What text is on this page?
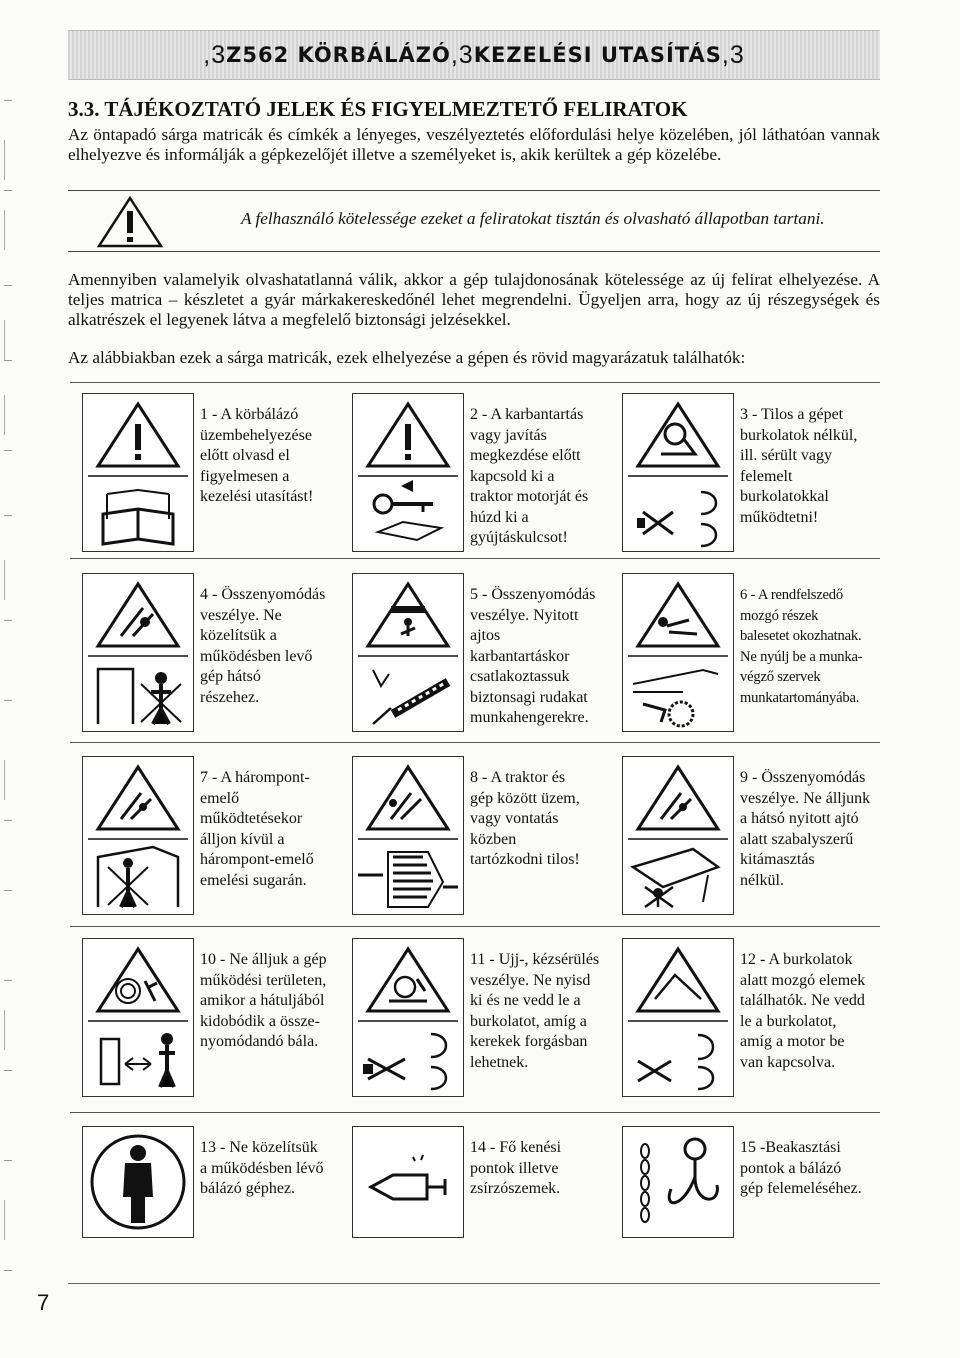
,3 Z562 KÖRBÁLÁZÓ ,3 KEZELÉSI UTASÍTÁS ,3
3.3. TÁJÉKOZTATÓ JELEK ÉS FIGYELMEZTETŐ FELIRATOK
Az öntapadó sárga matricák és címkék a lényeges, veszélyeztetés előfordulási helye közelében, jól láthatóan vannak elhelyezve és informálják a gépkezelőjét illetve a személyeket is, akik kerültek a gép közelébe.
A felhasználó kötelessége ezeket a feliratokat tisztán és olvasható állapotban tartani.
Amennyiben valamelyik olvashatatlanná válik, akkor a gép tulajdonosának kötelessége az új felirat elhelyezése. A teljes matrica – készletet a gyár márkakereskedőnél lehet megrendelni. Ügyeljen arra, hogy az új részegységek és alkatrészek el legyenek látva a megfelelő biztonsági jelzésekkel.
Az alábbiakban ezek a sárga matricák, ezek elhelyezése a gépen és rövid magyarázatuk találhatók:
1 - A körbálázó
üzembehelyezése
előtt olvasd el
figyelmesen a
kezelési utasítást!
2 - A karbantartás
vagy javítás
megkezdése előtt
kapcsold ki a
traktor motorját és
húzd ki a
gyújtáskulcsot!
3 - Tilos a gépet
burkolatok nélkül,
ill. sérült vagy
felemelt
burkolatokkal
működtetni!
4 - Összenyomódás
veszélye. Ne
közelítsük a
működésben levő
gép hátsó
részehez.
5 - Összenyomódás
veszélye. Nyitott
ajtos
karbantartáskor
csatlakoztassuk
biztonsagi rudakat
munkahengerekre.
6 - A rendfelszedő
mozgó részek
balesetet okozhatnak.
Ne nyúlj be a munka-
végző szervek
munkatartományába.
7 - A hárompont-
emelő
működtetésekor
álljon kívül a
hárompont-emelő
emelési sugarán.
8 - A traktor és
gép között üzem,
vagy vontatás
közben
tartózkodni tilos!
9 - Összenyomódás
veszélye. Ne álljunk
a hátsó nyitott ajtó
alatt szabalyszerű
kitámasztás
nélkül.
10 - Ne álljuk a gép
működési területen,
amikor a hátuljából
kidobódik a össze-
nyomódandó bála.
11 - Ujj-, kézsérülés
veszélye. Ne nyisd
ki és ne vedd le a
burkolatot, amíg a
kerekek forgásban
lehetnek.
12 - A burkolatok
alatt mozgó elemek
találhatók. Ne vedd
le a burkolatot,
amíg a motor be
van kapcsolva.
13 - Ne közelítsük
a működésben lévő
bálázó géphez.
14 - Fő kenési
pontok illetve
zsírzószemek.
15 -Beakasztási
pontok a bálázó
gép felemeléséhez.
7
